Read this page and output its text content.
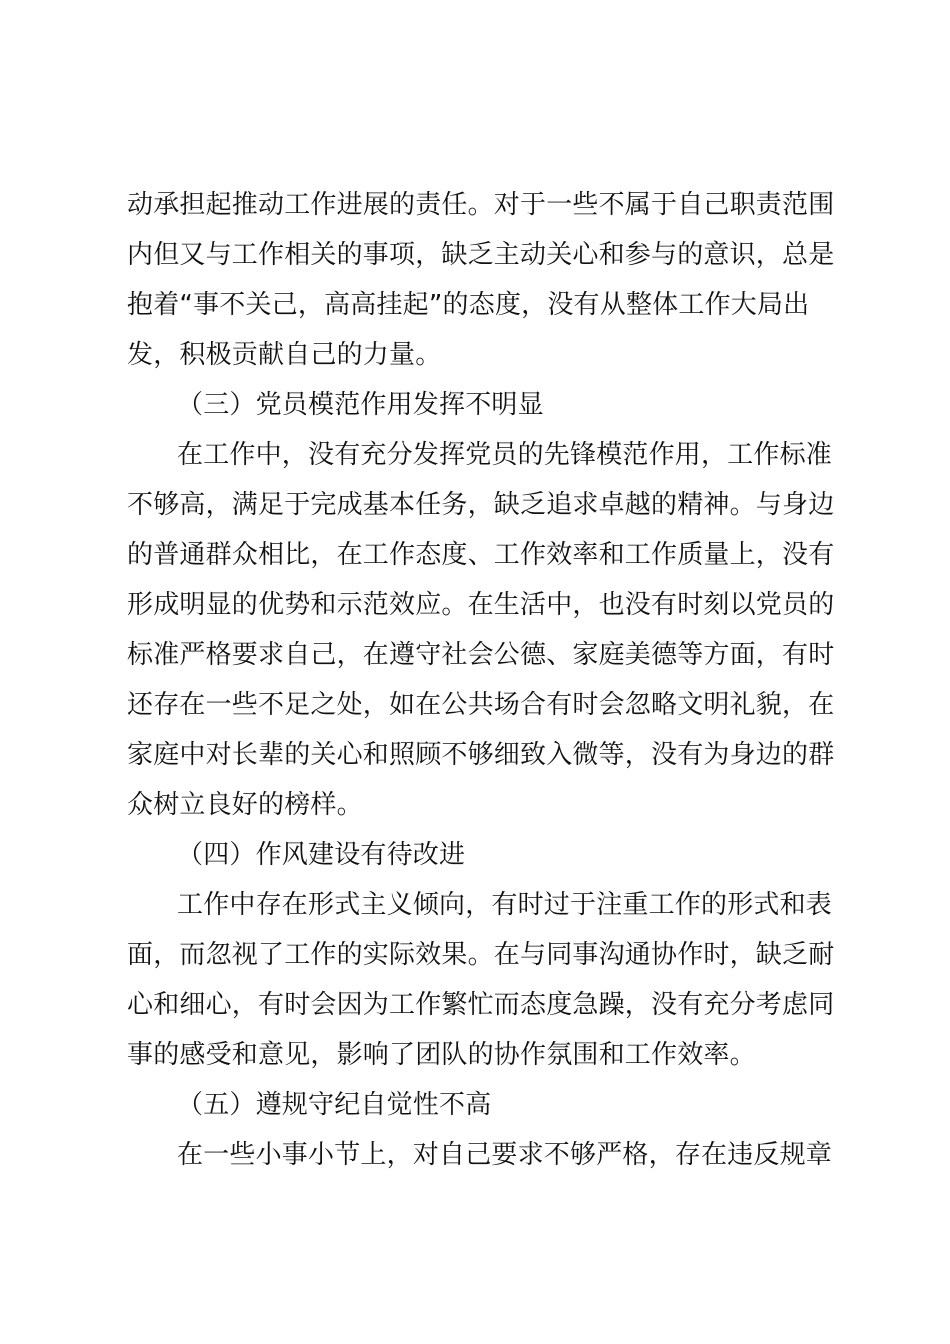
动承担起推动工作进展的责任。对于一些不属于自己职责范围
内但又与工作相关的事项，缺乏主动关心和参与的意识，总是
抱着“事不关己，高高挂起”的态度，没有从整体工作大局出
发，积极贡献自己的力量。
（三）党员模范作用发挥不明显
在工作中，没有充分发挥党员的先锋模范作用，工作标准
不够高，满足于完成基本任务，缺乏追求卓越的精神。与身边
的普通群众相比，在工作态度、工作效率和工作质量上，没有
形成明显的优势和示范效应。在生活中，也没有时刻以党员的
标准严格要求自己，在遵守社会公德、家庭美德等方面，有时
还存在一些不足之处，如在公共场合有时会忽略文明礼貌，在
家庭中对长辈的关心和照顾不够细致入微等，没有为身边的群
众树立良好的榜样。
（四）作风建设有待改进
工作中存在形式主义倾向，有时过于注重工作的形式和表
面，而忽视了工作的实际效果。在与同事沟通协作时，缺乏耐
心和细心，有时会因为工作繁忙而态度急躁，没有充分考虑同
事的感受和意见，影响了团队的协作氛围和工作效率。
（五）遵规守纪自觉性不高
在一些小事小节上，对自己要求不够严格，存在违反规章
